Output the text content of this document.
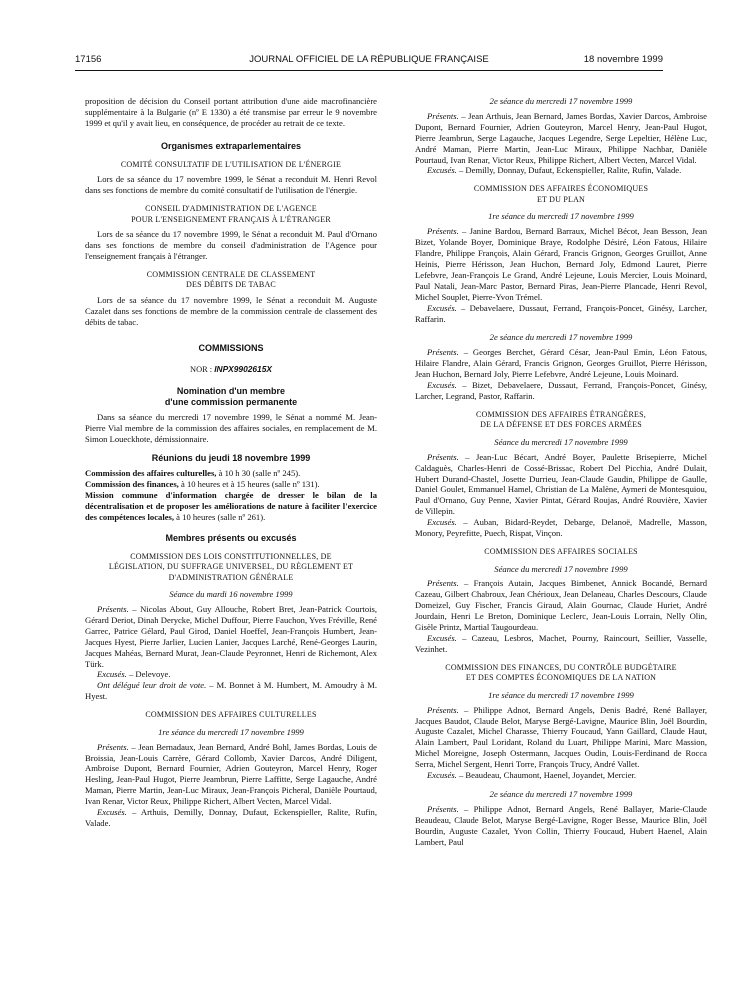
17156	JOURNAL OFFICIEL DE LA RÉPUBLIQUE FRANÇAISE	18 novembre 1999

proposition de décision du Conseil portant attribution d'une aide macrofinancière supplémentaire à la Bulgarie (nº E 1330) a été transmise par erreur le 9 novembre 1999 et qu'il y avait lieu, en conséquence, de procéder au retrait de ce texte.

Organismes extraparlementaires

COMITÉ CONSULTATIF DE L'UTILISATION DE L'ÉNERGIE

Lors de sa séance du 17 novembre 1999, le Sénat a reconduit M. Henri Revol dans ses fonctions de membre du comité consultatif de l'utilisation de l'énergie.

CONSEIL D'ADMINISTRATION DE L'AGENCE

POUR L'ENSEIGNEMENT FRANÇAIS À L'ÉTRANGER

Lors de sa séance du 17 novembre 1999, le Sénat a reconduit M. Paul d'Ornano dans ses fonctions de membre du conseil d'administration de l'Agence pour l'enseignement français à l'étranger.

COMMISSION CENTRALE DE CLASSEMENT

DES DÉBITS DE TABAC

Lors de sa séance du 17 novembre 1999, le Sénat a reconduit M. Auguste Cazalet dans ses fonctions de membre de la commission centrale de classement des débits de tabac.

COMMISSIONS

NOR : INPX9902615X

Nomination d'un membre

d'une commission permanente

Dans sa séance du mercredi 17 novembre 1999, le Sénat a nommé M. Jean-Pierre Vial membre de la commission des affaires sociales, en remplacement de M. Simon Loueckhote, démissionnaire.

Réunions du jeudi 18 novembre 1999

Commission des affaires culturelles, à 10 h 30 (salle nº 245).

Commission des finances, à 10 heures et à 15 heures (salle nº 131).

Mission commune d'information chargée de dresser le bilan de la décentralisation et de proposer les améliorations de nature à faciliter l'exercice des compétences locales, à 10 heures (salle nº 261).

Membres présents ou excusés

COMMISSION DES LOIS CONSTITUTIONNELLES, DE

LÉGISLATION, DU SUFFRAGE UNIVERSEL, DU RÈGLEMENT ET

D'ADMINISTRATION GÉNÉRALE

Séance du mardi 16 novembre 1999

Présents. – Nicolas About, Guy Allouche, Robert Bret, Jean-Patrick Courtois, Gérard Deriot, Dinah Derycke, Michel Duffour, Pierre Fauchon, Yves Fréville, René Garrec, Patrice Gélard, Paul Girod, Daniel Hoeffel, Jean-François Humbert, Jean-Jacques Hyest, Pierre Jarlier, Lucien Lanier, Jacques Larché, René-Georges Laurin, Jacques Mahéas, Bernard Murat, Jean-Claude Peyronnet, Henri de Richemont, Alex Türk.

Excusés. – Delevoye.

Ont délégué leur droit de vote. – M. Bonnet à M. Humbert, M. Amoudry à M. Hyest.

COMMISSION DES AFFAIRES CULTURELLES

1re séance du mercredi 17 novembre 1999

Présents. – Jean Bernadaux, Jean Bernard, André Bohl, James Bordas, Louis de Broissia, Jean-Louis Carrère, Gérard Collomb, Xavier Darcos, André Diligent, Ambroise Dupont, Bernard Fournier, Adrien Gouteyron, Marcel Henry, Roger Hesling, Jean-Paul Hugot, Pierre Jeambrun, Pierre Laffitte, Serge Lagauche, André Maman, Pierre Martin, Jean-Luc Miraux, Jean-François Picheral, Danièle Pourtaud, Ivan Renar, Victor Reux, Philippe Richert, Albert Vecten, Marcel Vidal.

Excusés. – Arthuis, Demilly, Donnay, Dufaut, Eckenspieller, Ralite, Rufin, Valade.

2e séance du mercredi 17 novembre 1999

Présents. – Jean Arthuis, Jean Bernard, James Bordas, Xavier Darcos, Ambroise Dupont, Bernard Fournier, Adrien Gouteyron, Marcel Henry, Jean-Paul Hugot, Pierre Jeambrun, Serge Lagauche, Jacques Legendre, Serge Lepeltier, Hélène Luc, André Maman, Pierre Martin, Jean-Luc Miraux, Philippe Nachbar, Danièle Pourtaud, Ivan Renar, Victor Reux, Philippe Richert, Albert Vecten, Marcel Vidal.

Excusés. – Demilly, Donnay, Dufaut, Eckenspieller, Ralite, Rufin, Valade.

COMMISSION DES AFFAIRES ÉCONOMIQUES

ET DU PLAN

1re séance du mercredi 17 novembre 1999

Présents. – Janine Bardou, Bernard Barraux, Michel Bécot, Jean Besson, Jean Bizet, Yolande Boyer, Dominique Braye, Rodolphe Désiré, Léon Fatous, Hilaire Flandre, Philippe François, Alain Gérard, Francis Grignon, Georges Gruillot, Anne Heinis, Pierre Hérisson, Jean Huchon, Bernard Joly, Edmond Lauret, Pierre Lefebvre, Jean-François Le Grand, André Lejeune, Louis Mercier, Louis Moinard, Paul Natali, Jean-Marc Pastor, Bernard Piras, Jean-Pierre Plancade, Henri Revol, Michel Souplet, Pierre-Yvon Trémel.

Excusés. – Debavelaere, Dussaut, Ferrand, François-Poncet, Ginésy, Larcher, Raffarin.

2e séance du mercredi 17 novembre 1999

Présents. – Georges Berchet, Gérard César, Jean-Paul Emin, Léon Fatous, Hilaire Flandre, Alain Gérard, Francis Grignon, Georges Gruillot, Pierre Hérisson, Jean Huchon, Bernard Joly, Pierre Lefebvre, André Lejeune, Louis Moinard.

Excusés. – Bizet, Debavelaere, Dussaut, Ferrand, François-Poncet, Ginésy, Larcher, Legrand, Pastor, Raffarin.

COMMISSION DES AFFAIRES ÉTRANGÈRES,

DE LA DÉFENSE ET DES FORCES ARMÉES

Séance du mercredi 17 novembre 1999

Présents. – Jean-Luc Bécart, André Boyer, Paulette Brisepierre, Michel Caldaguès, Charles-Henri de Cossé-Brissac, Robert Del Picchia, André Dulait, Hubert Durand-Chastel, Josette Durrieu, Jean-Claude Gaudin, Philippe de Gaulle, Daniel Goulet, Emmanuel Hamel, Christian de La Malène, Aymeri de Montesquiou, Paul d'Ornano, Guy Penne, Xavier Pintat, Gérard Roujas, André Rouvière, Xavier de Villepin.

Excusés. – Auban, Bidard-Reydet, Debarge, Delanoë, Madrelle, Masson, Monory, Peyrefitte, Puech, Rispat, Vinçon.

COMMISSION DES AFFAIRES SOCIALES

Séance du mercredi 17 novembre 1999

Présents. – François Autain, Jacques Bimbenet, Annick Bocandé, Bernard Cazeau, Gilbert Chabroux, Jean Chérioux, Jean Delaneau, Charles Descours, Claude Domeizel, Guy Fischer, Francis Giraud, Alain Gournac, Claude Huriet, André Jourdain, Henri Le Breton, Dominique Leclerc, Jean-Louis Lorrain, Nelly Olin, Gisèle Printz, Martial Taugourdeau.

Excusés. – Cazeau, Lesbros, Machet, Pourny, Raincourt, Seillier, Vasselle, Vezinhet.

COMMISSION DES FINANCES, DU CONTRÔLE BUDGÉTAIRE

ET DES COMPTES ÉCONOMIQUES DE LA NATION

1re séance du mercredi 17 novembre 1999

Présents. – Philippe Adnot, Bernard Angels, Denis Badré, René Ballayer, Jacques Baudot, Claude Belot, Maryse Bergé-Lavigne, Maurice Blin, Joël Bourdin, Auguste Cazalet, Michel Charasse, Thierry Foucaud, Yann Gaillard, Claude Haut, Alain Lambert, Paul Loridant, Roland du Luart, Philippe Marini, Marc Massion, Michel Moreigne, Joseph Ostermann, Jacques Oudin, Louis-Ferdinand de Rocca Serra, Michel Sergent, Henri Torre, François Trucy, André Vallet.

Excusés. – Beaudeau, Chaumont, Haenel, Joyandet, Mercier.

2e séance du mercredi 17 novembre 1999

Présents. – Philippe Adnot, Bernard Angels, René Ballayer, Marie-Claude Beaudeau, Claude Belot, Maryse Bergé-Lavigne, Roger Besse, Maurice Blin, Joël Bourdin, Auguste Cazalet, Yvon Collin, Thierry Foucaud, Hubert Haenel, Alain Lambert, Paul
